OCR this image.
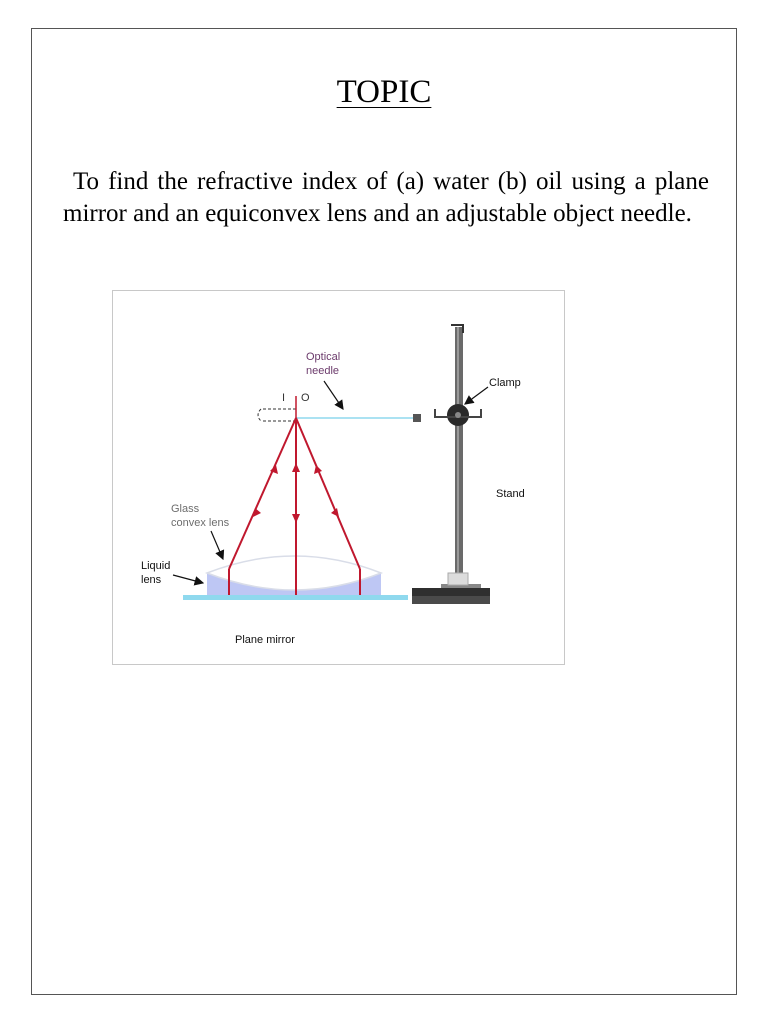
TOPIC
To find the refractive index of (a) water (b) oil using a plane mirror and an equiconvex lens and an adjustable object needle.
Optical
needle
I O
Clamp
Stand
Glass
convex lens
Liquid
lens
Plane mirror
